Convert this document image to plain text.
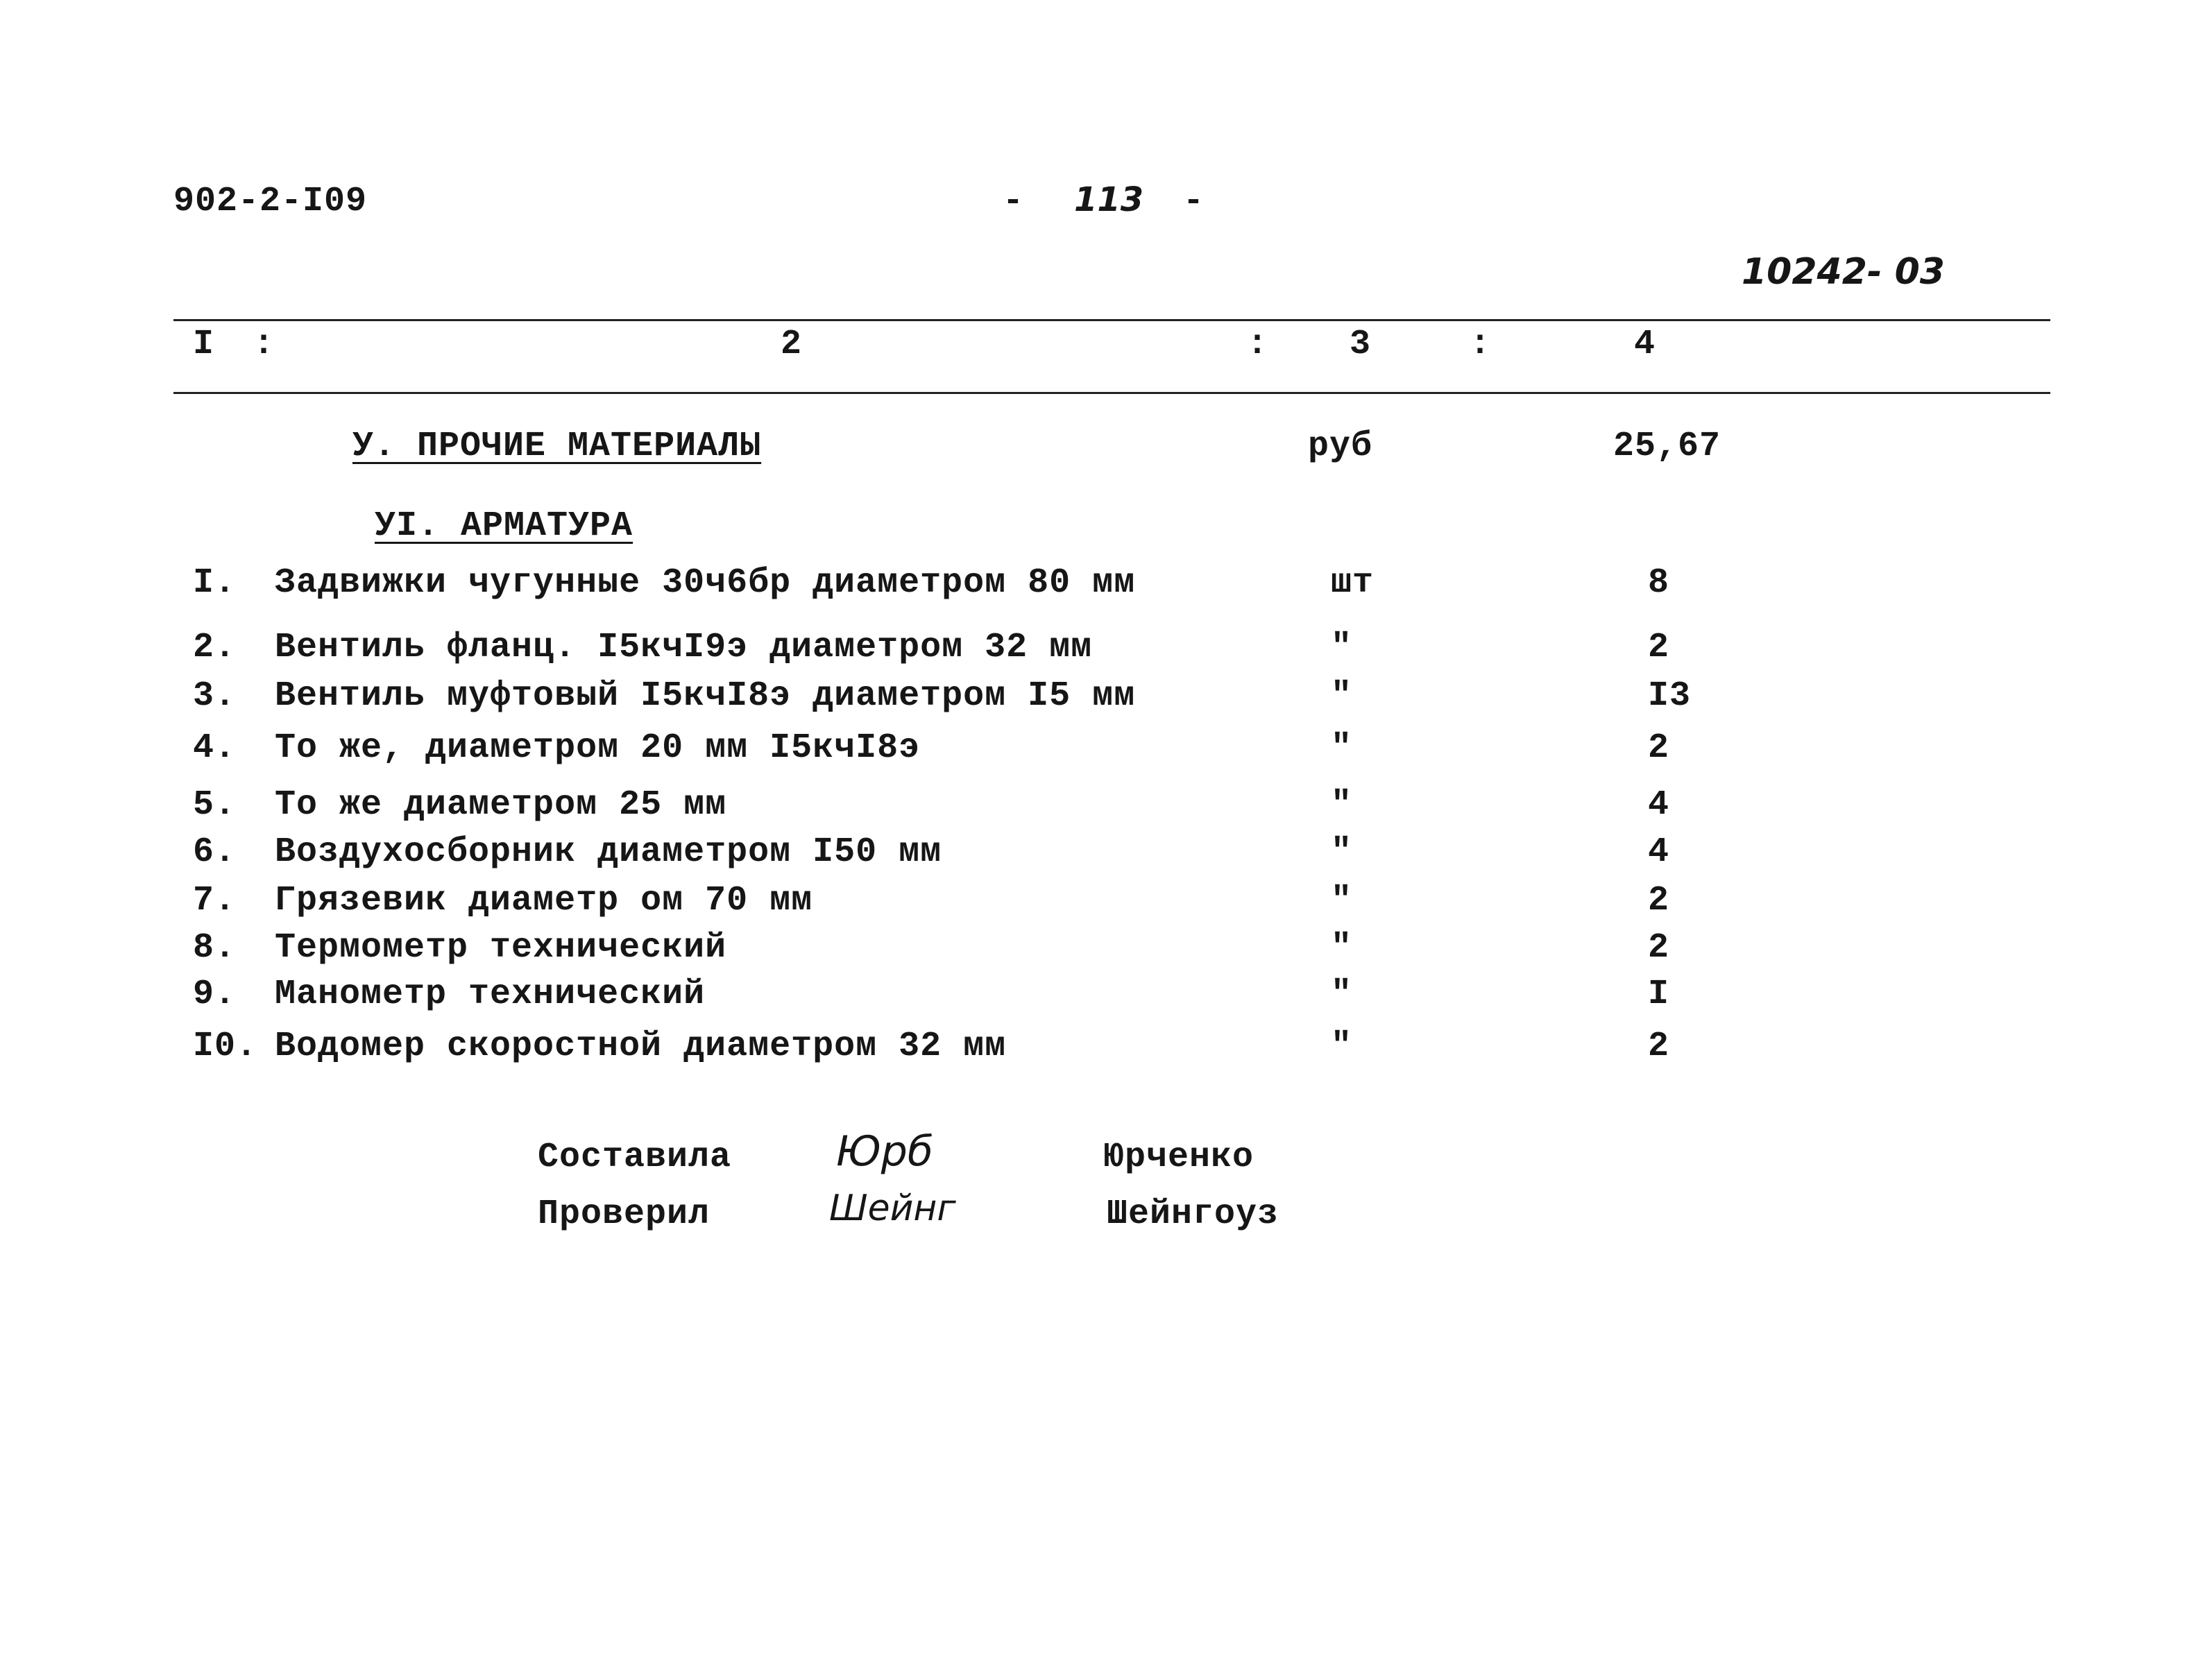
902-2-I09	- 113 -
10242- 03
I :	2	: 3	:	4
У. ПРОЧИЕ МАТЕРИАЛЫ	руб	25,67
УI. АРМАТУРА
I. Задвижки чугунные 30ч6бр диаметром 80 мм	шт	8
2. Вентиль фланц. I5кчI9э диаметром 32 мм	"	2
3. Вентиль муфтовый I5кчI8э диаметром I5 мм	"	I3
4. То же, диаметром 20 мм I5кчI8э	"	2
5. То же диаметром 25 мм	"	4
6. Воздухосборник диаметром I50 мм	"	4
7. Грязевик диаметр ом 70 мм	"	2
8. Термометр технический	"	2
9. Манометр технический	"	I
I0. Водомер скоростной диаметром 32 мм	"	2
Составила	Юрб	Юрченко
Проверил	Шейнг	Шейнгоуз
